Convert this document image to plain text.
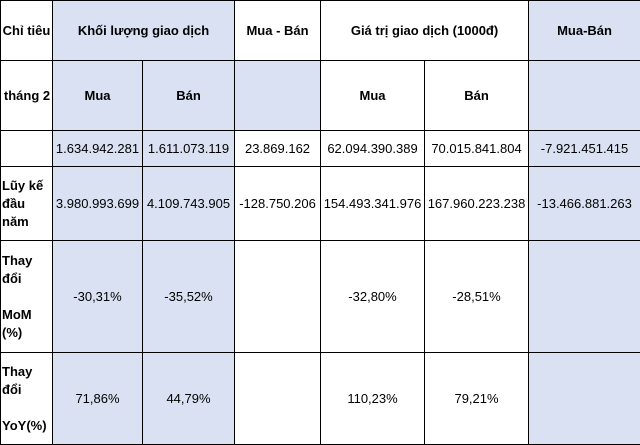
Chỉ tiêu	Khối lượng giao dịch		Mua - Bán	Giá trị giao dịch (1000đ)		Mua-Bán
tháng 2	Mua	Bán		Mua	Bán	
	1.634.942.281	1.611.073.119	23.869.162	62.094.390.389	70.015.841.804	-7.921.451.415
Lũy kế đầu năm	3.980.993.699	4.109.743.905	-128.750.206	154.493.341.976	167.960.223.238	-13.466.881.263

Thay
đổi
MoM
(%)	-30,31%	-35,52%		-32,80%	-28,51%	

Thay
đổi
YoY(%)	71,86%	44,79%		110,23%	79,21%	
